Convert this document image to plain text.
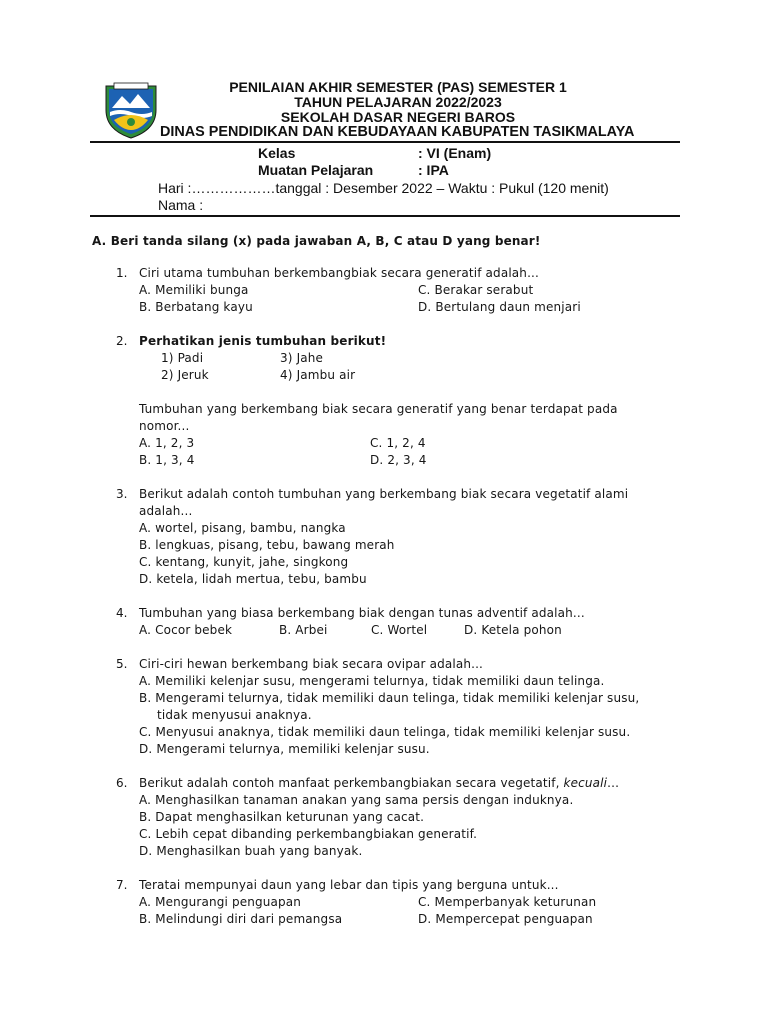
PENILAIAN AKHIR SEMESTER (PAS) SEMESTER 1
TAHUN PELAJARAN 2022/2023
SEKOLAH DASAR NEGERI BAROS
DINAS PENDIDIKAN DAN KEBUDAYAAN KABUPATEN TASIKMALAYA
Kelas	: VI (Enam)
Muatan Pelajaran	: IPA
Hari :………………tanggal : Desember 2022 – Waktu : Pukul (120 menit)
Nama :
A. Beri tanda silang (x) pada jawaban A, B, C atau D yang benar!
1. Ciri utama tumbuhan berkembangbiak secara generatif adalah...
A. Memiliki bunga	C. Berakar serabut
B. Berbatang kayu	D. Bertulang daun menjari
2. Perhatikan jenis tumbuhan berikut!
1) Padi	3) Jahe
2) Jeruk	4) Jambu air
Tumbuhan yang berkembang biak secara generatif yang benar terdapat pada
nomor...
A. 1, 2, 3	C. 1, 2, 4
B. 1, 3, 4	D. 2, 3, 4
3. Berikut adalah contoh tumbuhan yang berkembang biak secara vegetatif alami
adalah...
A. wortel, pisang, bambu, nangka
B. lengkuas, pisang, tebu, bawang merah
C. kentang, kunyit, jahe, singkong
D. ketela, lidah mertua, tebu, bambu
4. Tumbuhan yang biasa berkembang biak dengan tunas adventif adalah...
A. Cocor bebek	B. Arbei	C. Wortel	D. Ketela pohon
5. Ciri-ciri hewan berkembang biak secara ovipar adalah...
A. Memiliki kelenjar susu, mengerami telurnya, tidak memiliki daun telinga.
B. Mengerami telurnya, tidak memiliki daun telinga, tidak memiliki kelenjar susu,
tidak menyusui anaknya.
C. Menyusui anaknya, tidak memiliki daun telinga, tidak memiliki kelenjar susu.
D. Mengerami telurnya, memiliki kelenjar susu.
6. Berikut adalah contoh manfaat perkembangbiakan secara vegetatif, kecuali...
A. Menghasilkan tanaman anakan yang sama persis dengan induknya.
B. Dapat menghasilkan keturunan yang cacat.
C. Lebih cepat dibanding perkembangbiakan generatif.
D. Menghasilkan buah yang banyak.
7. Teratai mempunyai daun yang lebar dan tipis yang berguna untuk...
A. Mengurangi penguapan	C. Memperbanyak keturunan
B. Melindungi diri dari pemangsa	D. Mempercepat penguapan
